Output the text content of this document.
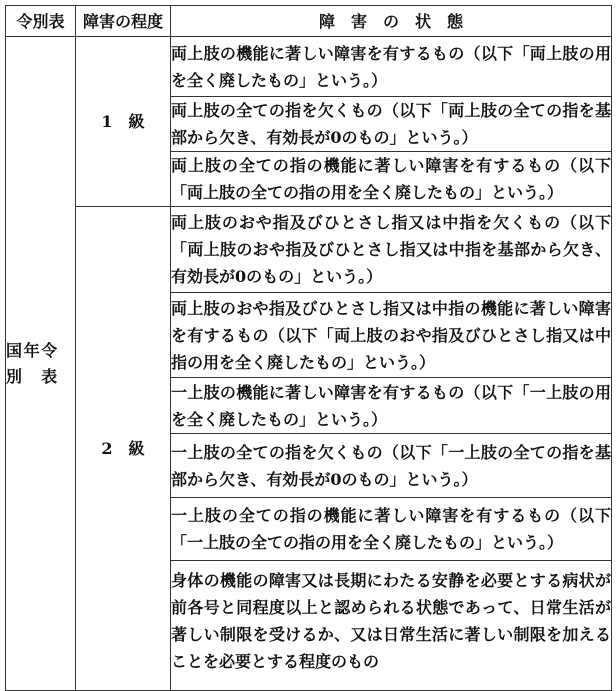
令別表	障害の程度	障　害　の　状　態

国年令別表	1　級	両上肢の機能に著しい障害を有するもの（以下「両上肢の用を全く廃したもの」という。）
		両上肢の全ての指を欠くもの（以下「両上肢の全ての指を基部から欠き、有効長が0のもの」という。）
		両上肢の全ての指の機能に著しい障害を有するもの（以下「両上肢の全ての指の用を全く廃したもの」という。）
	2　級	両上肢のおや指及びひとさし指又は中指を欠くもの（以下「両上肢のおや指及びひとさし指又は中指を基部から欠き、有効長が0のもの」という。）
		両上肢のおや指及びひとさし指又は中指の機能に著しい障害を有するもの（以下「両上肢のおや指及びひとさし指又は中指の用を全く廃したもの」という。）
		一上肢の機能に著しい障害を有するもの（以下「一上肢の用を全く廃したもの」という。）
		一上肢の全ての指を欠くもの（以下「一上肢の全ての指を基部から欠き、有効長が0のもの」という。）
		一上肢の全ての指の機能に著しい障害を有するもの（以下「一上肢の全ての指の用を全く廃したもの」という。）
		身体の機能の障害又は長期にわたる安静を必要とする病状が前各号と同程度以上と認められる状態であって、日常生活が著しい制限を受けるか、又は日常生活に著しい制限を加えることを必要とする程度のもの
